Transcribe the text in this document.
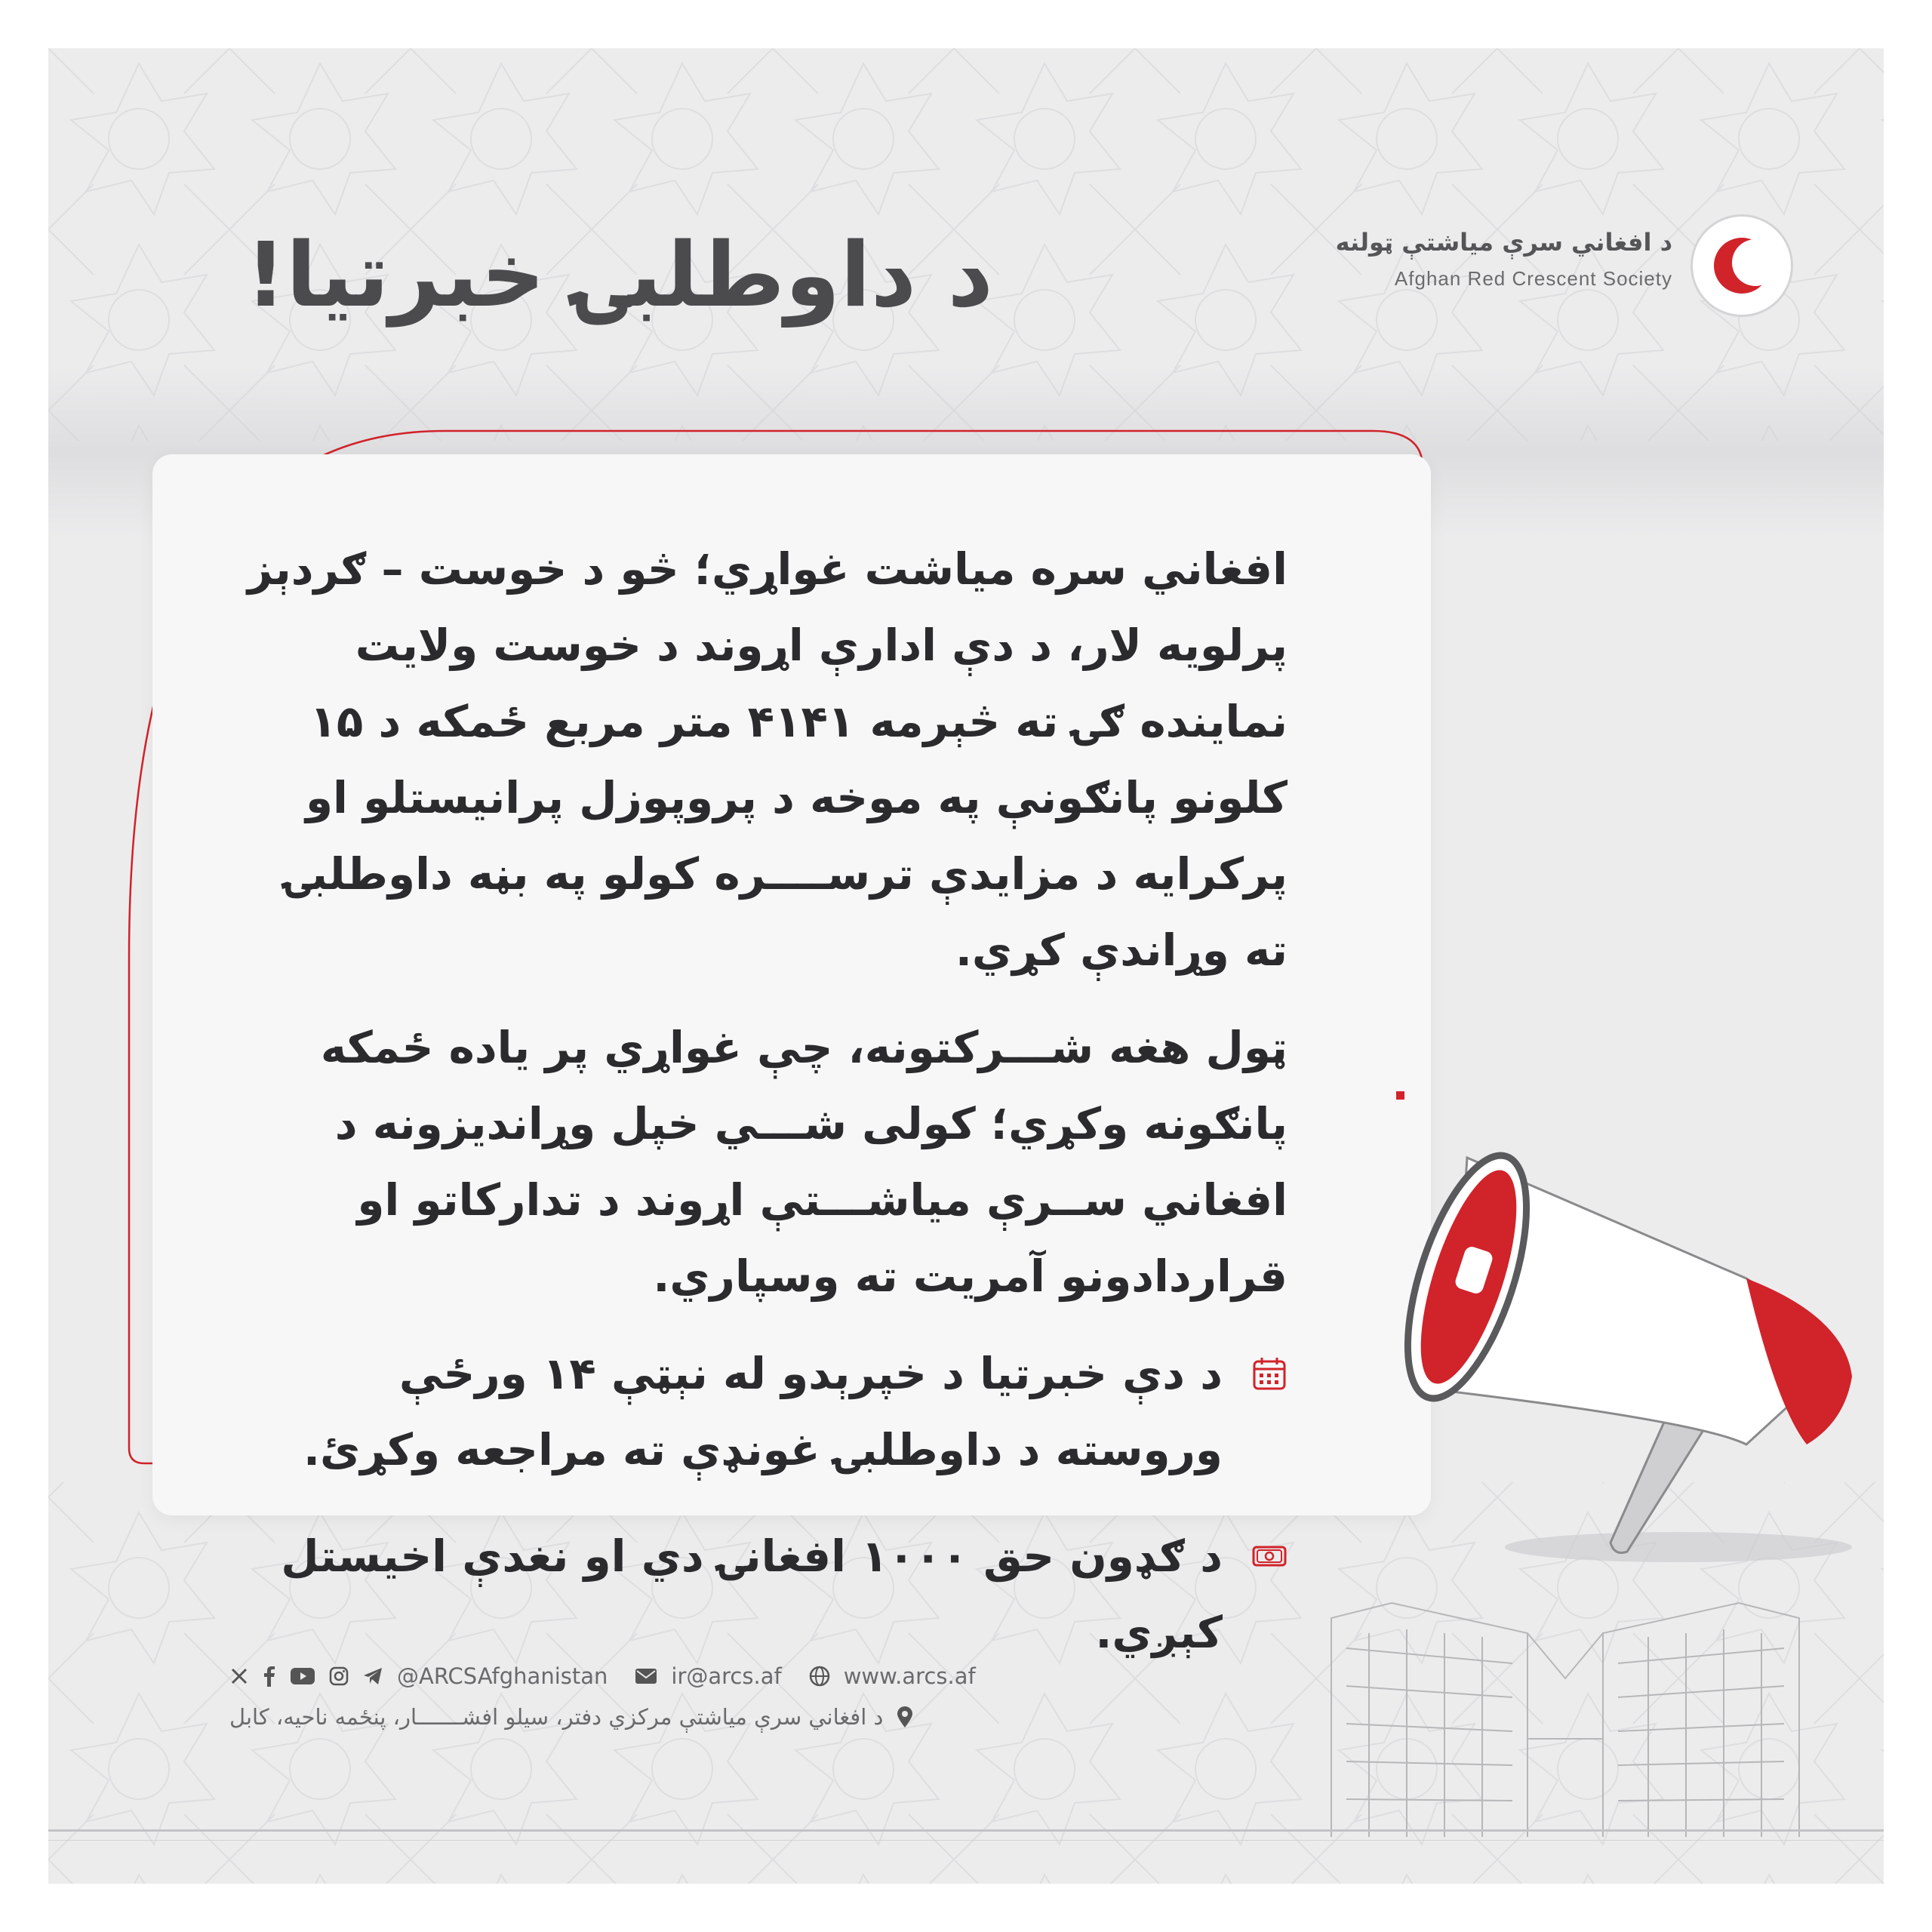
د داوطلبۍ خبرتیا!	د افغاني سرې میاشتې ټولنه
Afghan Red Crescent Society

افغاني سره میاشت غواړي؛ څو د خوست – ګردېز پرلویه لار، د دې ادارې اړوند د خوست ولایت نماینده ګۍ ته څېرمه ۴۱۴۱ متر مربع ځمکه د ۱۵ کلونو پانګونې په موخه د پروپوزل پرانیستلو او پرکرایه د مزایدې ترســــره کولو په بڼه داوطلبۍ ته وړاندې کړي.

ټول هغه شـــرکتونه، چې غواړي پر یاده ځمکه پانګونه وکړي؛ کولی شـــي خپل وړاندیزونه د افغاني ســرې میاشـــتې اړوند د تدارکاتو او قراردادونو آمریت ته وسپاري.

د دې خبرتیا د خپرېدو له نېټې ۱۴ ورځې وروسته د داوطلبۍ غونډې ته مراجعه وکړئ.
د ګډون حق ۱۰۰۰ افغانۍ دي او نغدې اخیستل کېږي.
@ARCSAfghanistan	ir@arcs.af	www.arcs.af
د افغاني سرې میاشتې مرکزي دفتر، سیلو افشـــــــار، پنځمه ناحیه، کابل
